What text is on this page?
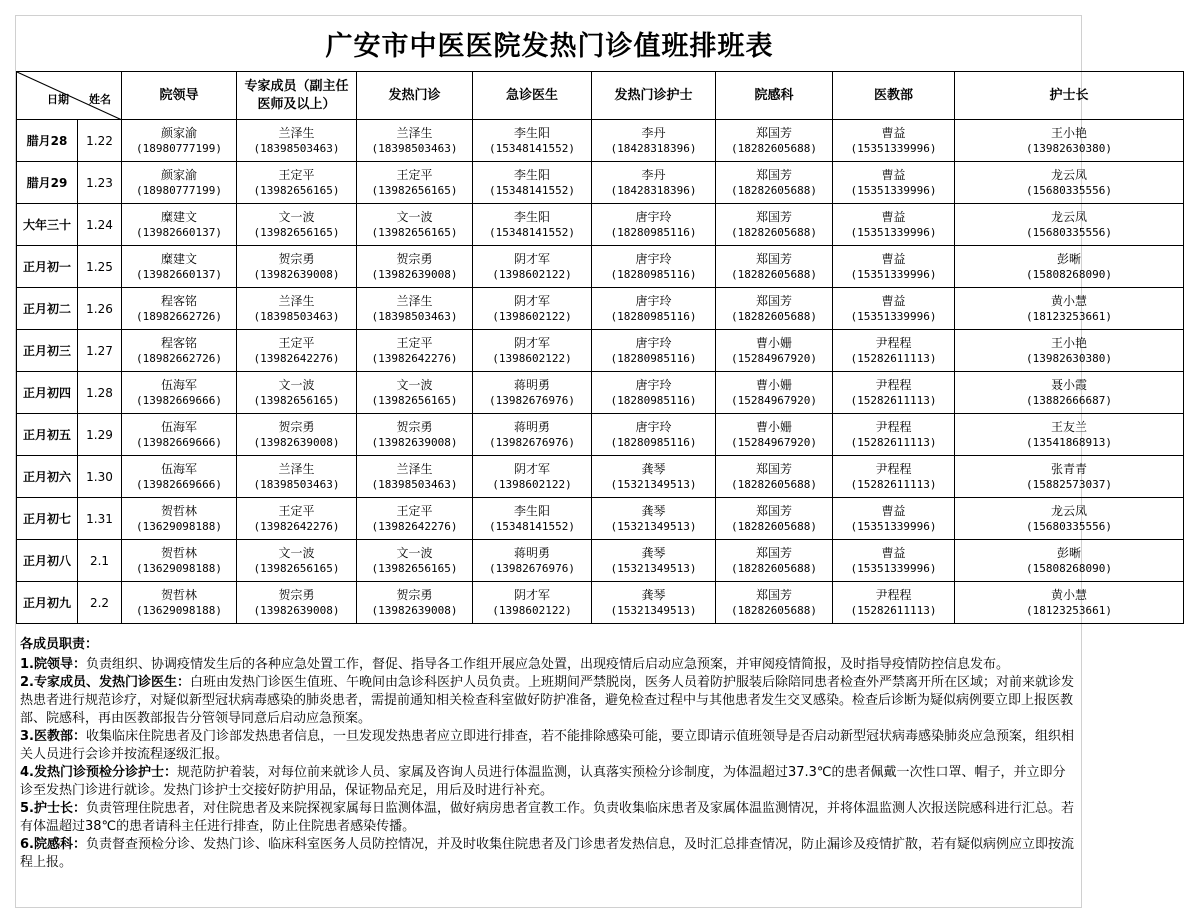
广安市中医医院发热门诊值班排班表
日期 姓名		院领导	专家成员（副主任医师及以上）	发热门诊	急诊医生	发热门诊护士	院感科	医教部	护士长
腊月28	1.22	颜家渝
(18980777199)	兰泽生
(18398503463)	兰泽生
(18398503463)	李生阳
(15348141552)	李丹
(18428318396)	郑国芳
(18282605688)	曹益
(15351339996)	王小艳
(13982630380)

腊月29	1.23	颜家渝
(18980777199)	王定平
(13982656165)	王定平
(13982656165)	李生阳
(15348141552)	李丹
(18428318396)	郑国芳
(18282605688)	曹益
(15351339996)	龙云凤
(15680335556)

大年三十	1.24	糜建文
(13982660137)	文一波
(13982656165)	文一波
(13982656165)	李生阳
(15348141552)	唐宇玲
(18280985116)	郑国芳
(18282605688)	曹益
(15351339996)	龙云凤
(15680335556)

正月初一	1.25	糜建文
(13982660137)	贺宗勇
(13982639008)	贺宗勇
(13982639008)	阴才军
(1398602122)	唐宇玲
(18280985116)	郑国芳
(18282605688)	曹益
(15351339996)	彭晰
(15808268090)

正月初二	1.26	程客铭
(18982662726)	兰泽生
(18398503463)	兰泽生
(18398503463)	阴才军
(1398602122)	唐宇玲
(18280985116)	郑国芳
(18282605688)	曹益
(15351339996)	黄小慧
(18123253661)

正月初三	1.27	程客铭
(18982662726)	王定平
(13982642276)	王定平
(13982642276)	阴才军
(1398602122)	唐宇玲
(18280985116)	曹小姗
(15284967920)	尹程程
(15282611113)	王小艳
(13982630380)

正月初四	1.28	伍海军
(13982669666)	文一波
(13982656165)	文一波
(13982656165)	蒋明勇
(13982676976)	唐宇玲
(18280985116)	曹小姗
(15284967920)	尹程程
(15282611113)	聂小霞
(13882666687)

正月初五	1.29	伍海军
(13982669666)	贺宗勇
(13982639008)	贺宗勇
(13982639008)	蒋明勇
(13982676976)	唐宇玲
(18280985116)	曹小姗
(15284967920)	尹程程
(15282611113)	王友兰
(13541868913)

正月初六	1.30	伍海军
(13982669666)	兰泽生
(18398503463)	兰泽生
(18398503463)	阴才军
(1398602122)	龚琴
(15321349513)	郑国芳
(18282605688)	尹程程
(15282611113)	张青青
(15882573037)

正月初七	1.31	贺哲林
(13629098188)	王定平
(13982642276)	王定平
(13982642276)	李生阳
(15348141552)	龚琴
(15321349513)	郑国芳
(18282605688)	曹益
(15351339996)	龙云凤
(15680335556)

正月初八	2.1	贺哲林
(13629098188)	文一波
(13982656165)	文一波
(13982656165)	蒋明勇
(13982676976)	龚琴
(15321349513)	郑国芳
(18282605688)	曹益
(15351339996)	彭晰
(15808268090)

正月初九	2.2	贺哲林
(13629098188)	贺宗勇
(13982639008)	贺宗勇
(13982639008)	阴才军
(1398602122)	龚琴
(15321349513)	郑国芳
(18282605688)	尹程程
(15282611113)	黄小慧
(18123253661)

各成员职责：

1.院领导：负责组织、协调疫情发生后的各种应急处置工作，督促、指导各工作组开展应急处置，出现疫情后启动应急预案，并审阅疫情简报，及时指导疫情防控信息发布。

2.专家成员、发热门诊医生：白班由发热门诊医生值班、午晚间由急诊科医护人员负责。上班期间严禁脱岗，医务人员着防护服装后除陪同患者检查外严禁离开所在区域；对前来就诊发热患者进行规范诊疗，对疑似新型冠状病毒感染的肺炎患者，需提前通知相关检查科室做好防护准备，避免检查过程中与其他患者发生交叉感染。检查后诊断为疑似病例要立即上报医教部、院感科，再由医教部报告分管领导同意后启动应急预案。

3.医教部：收集临床住院患者及门诊部发热患者信息，一旦发现发热患者应立即进行排查，若不能排除感染可能，要立即请示值班领导是否启动新型冠状病毒感染肺炎应急预案，组织相关人员进行会诊并按流程逐级汇报。

4.发热门诊预检分诊护士：规范防护着装，对每位前来就诊人员、家属及咨询人员进行体温监测，认真落实预检分诊制度，为体温超过37.3℃的患者佩戴一次性口罩、帽子，并立即分诊至发热门诊进行就诊。发热门诊护士交接好防护用品，保证物品充足，用后及时进行补充。

5.护士长：负责管理住院患者，对住院患者及来院探视家属每日监测体温，做好病房患者宣教工作。负责收集临床患者及家属体温监测情况，并将体温监测人次报送院感科进行汇总。若有体温超过38℃的患者请科主任进行排查，防止住院患者感染传播。

6.院感科：负责督查预检分诊、发热门诊、临床科室医务人员防控情况，并及时收集住院患者及门诊患者发热信息，及时汇总排查情况，防止漏诊及疫情扩散，若有疑似病例应立即按流程上报。
